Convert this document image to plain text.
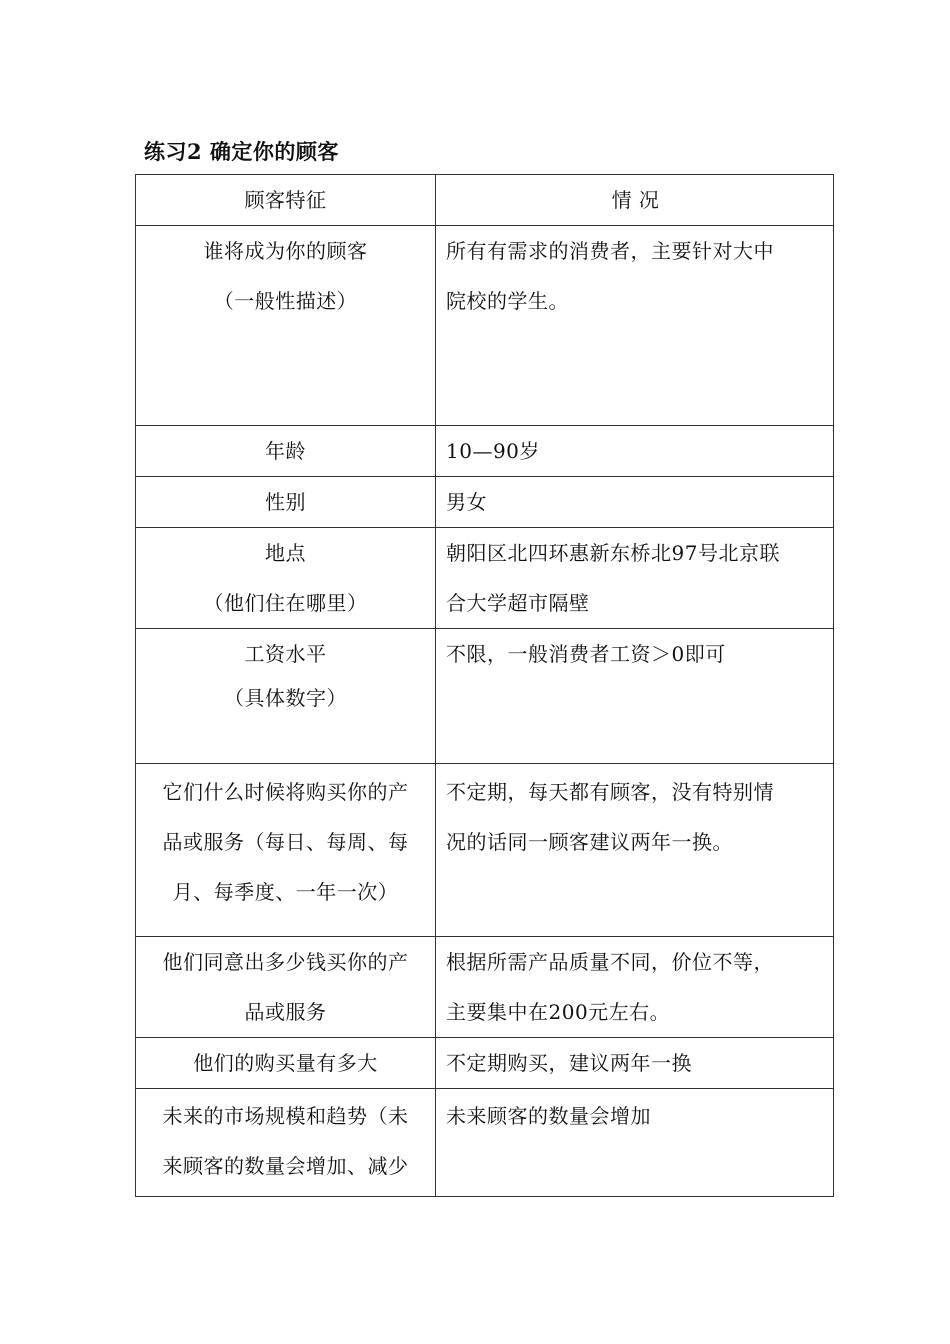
练习2 确定你的顾客
顾客特征	情 况

谁将成为你的顾客
（一般性描述）	所有有需求的消费者，主要针对大中
院校的学生。

年龄	10—90岁

性别	男女

地点
（他们住在哪里）	朝阳区北四环惠新东桥北97号北京联
合大学超市隔壁

工资水平
（具体数字）	不限，一般消费者工资＞0即可

它们什么时候将购买你的产
品或服务（每日、每周、每
月、每季度、一年一次）	不定期，每天都有顾客，没有特别情
况的话同一顾客建议两年一换。

他们同意出多少钱买你的产
品或服务	根据所需产品质量不同，价位不等，
主要集中在200元左右。

他们的购买量有多大	不定期购买，建议两年一换

未来的市场规模和趋势（未
来顾客的数量会增加、减少	未来顾客的数量会增加
